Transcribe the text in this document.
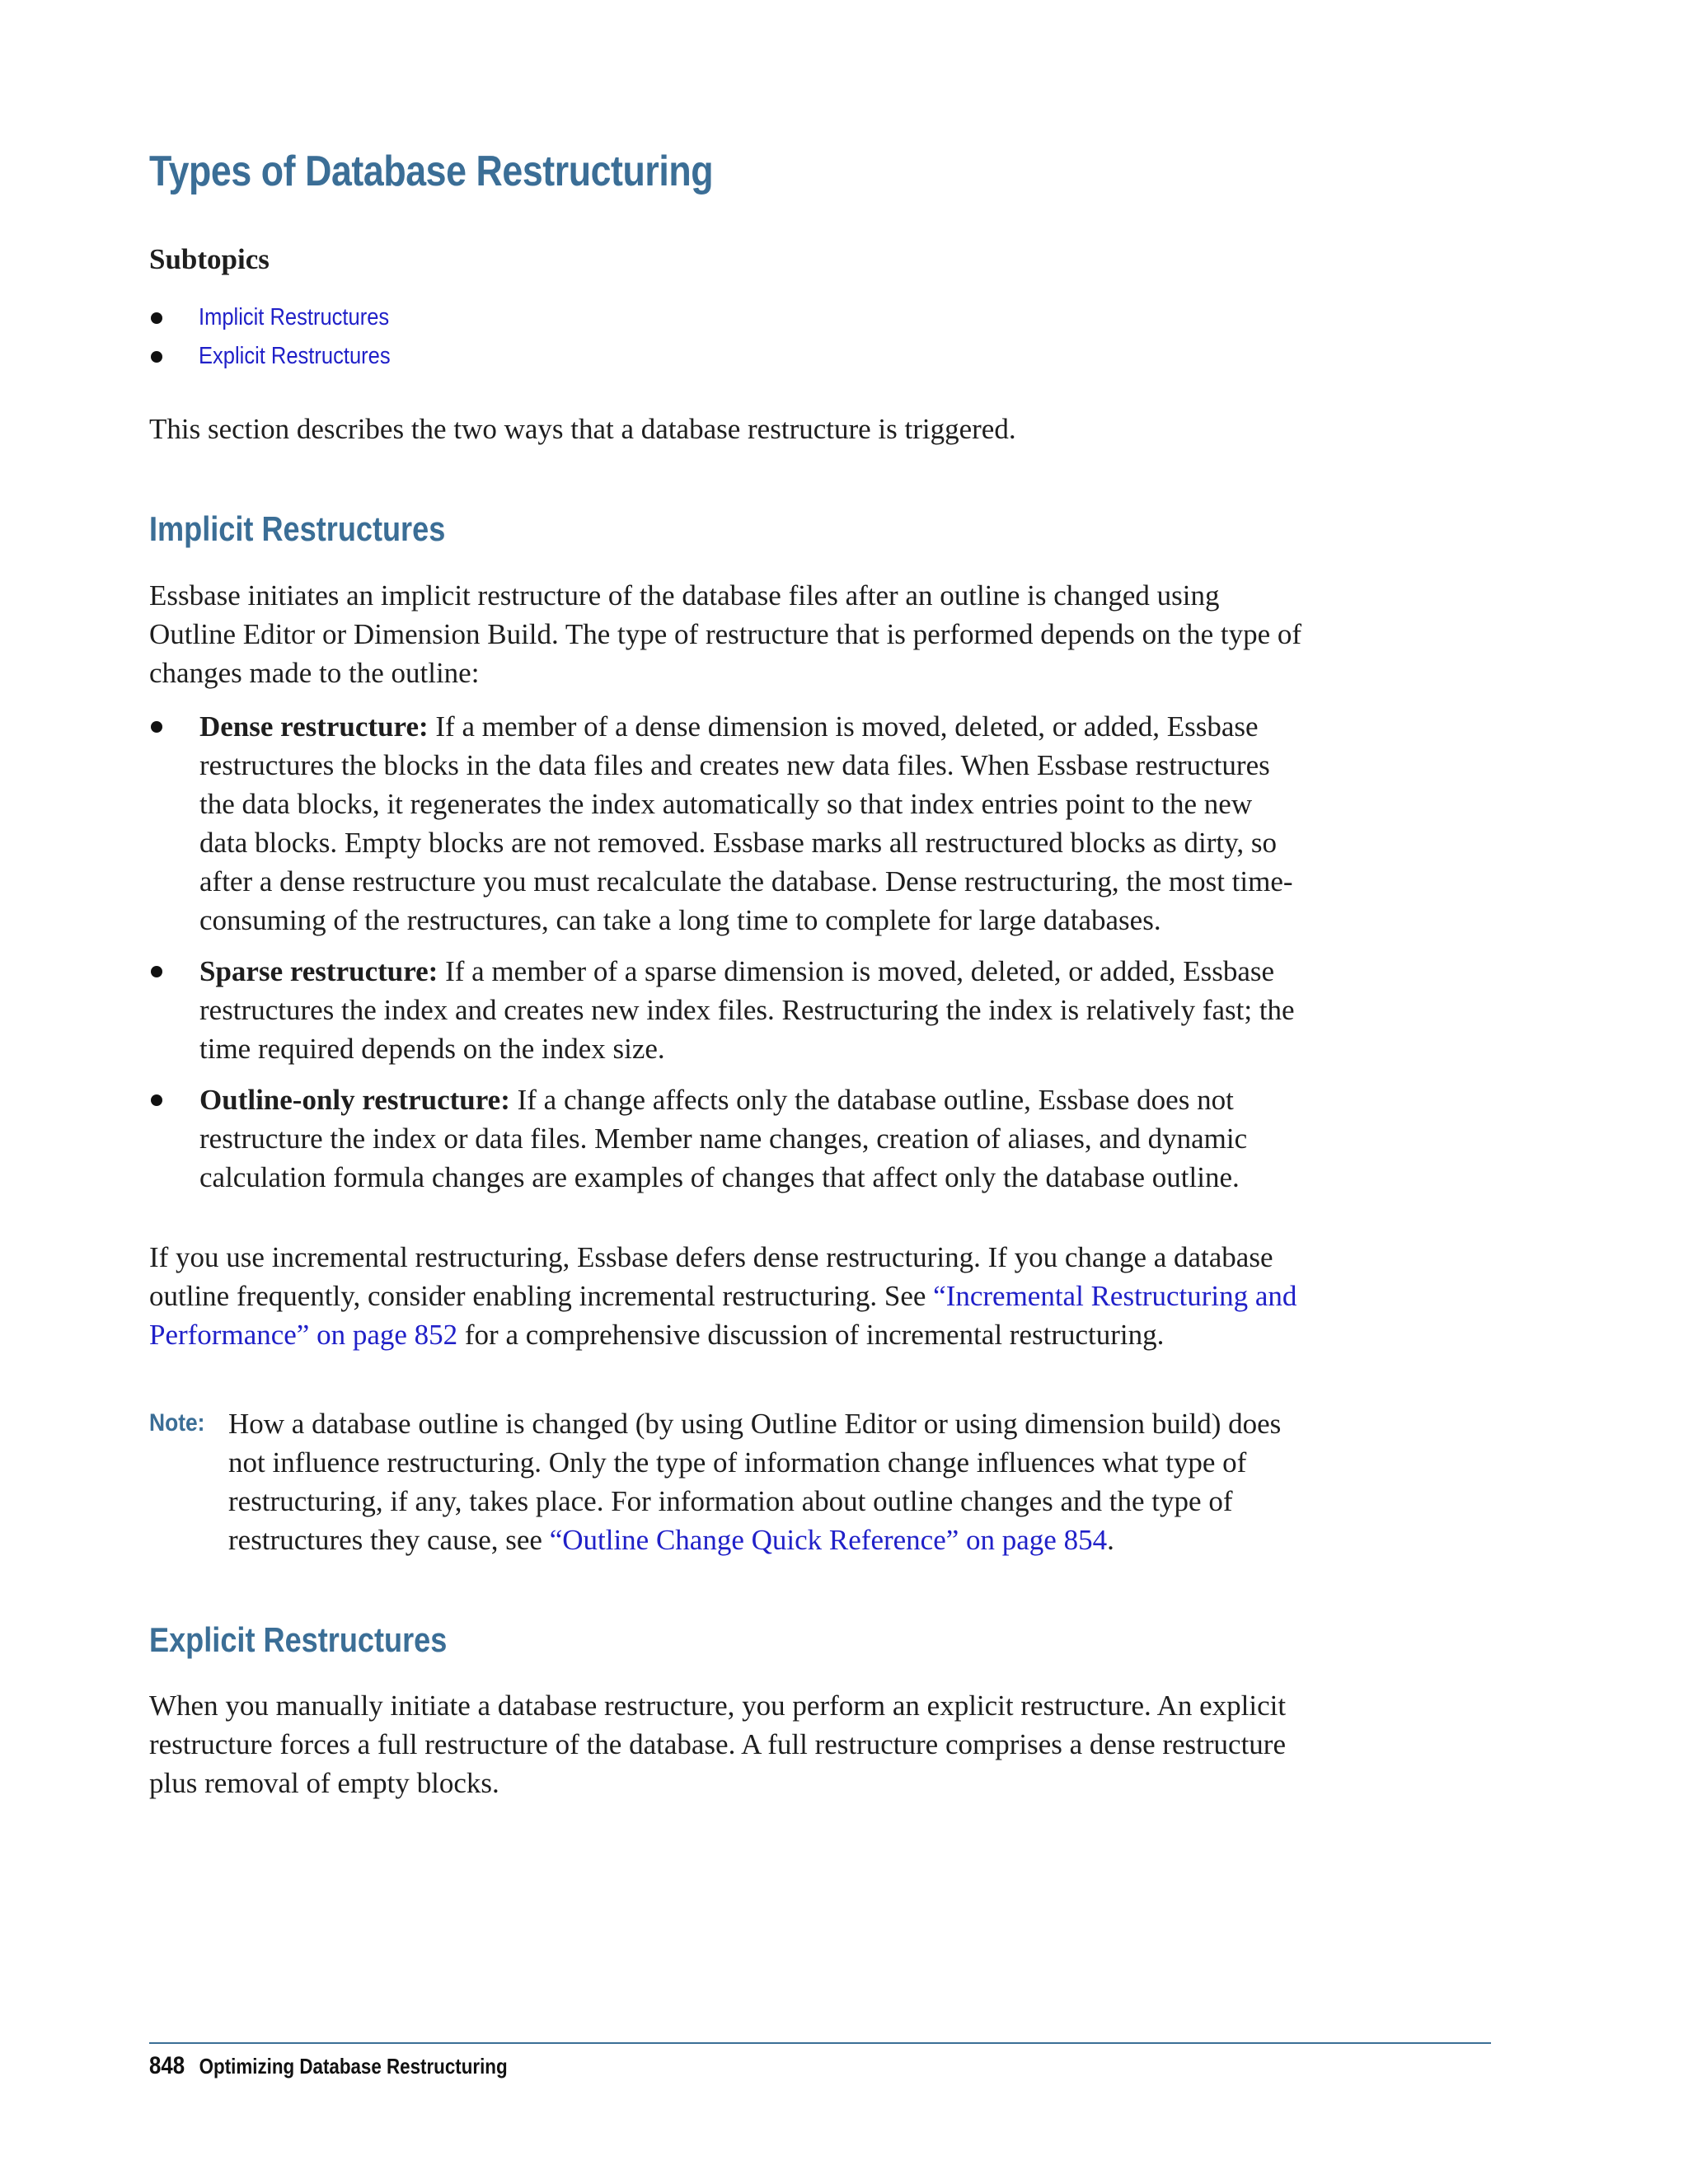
Types of Database Restructuring
Subtopics
Implicit Restructures
Explicit Restructures

This section describes the two ways that a database restructure is triggered.

Implicit Restructures

Essbase initiates an implicit restructure of the database files after an outline is changed using Outline Editor or Dimension Build. The type of restructure that is performed depends on the type of changes made to the outline:

Dense restructure: If a member of a dense dimension is moved, deleted, or added, Essbase restructures the blocks in the data files and creates new data files. When Essbase restructures the data blocks, it regenerates the index automatically so that index entries point to the new data blocks. Empty blocks are not removed. Essbase marks all restructured blocks as dirty, so after a dense restructure you must recalculate the database. Dense restructuring, the most time-consuming of the restructures, can take a long time to complete for large databases.
Sparse restructure: If a member of a sparse dimension is moved, deleted, or added, Essbase restructures the index and creates new index files. Restructuring the index is relatively fast; the time required depends on the index size.
Outline-only restructure: If a change affects only the database outline, Essbase does not restructure the index or data files. Member name changes, creation of aliases, and dynamic calculation formula changes are examples of changes that affect only the database outline.

If you use incremental restructuring, Essbase defers dense restructuring. If you change a database outline frequently, consider enabling incremental restructuring. See “Incremental Restructuring and Performance” on page 852 for a comprehensive discussion of incremental restructuring.

Note: How a database outline is changed (by using Outline Editor or using dimension build) does not influence restructuring. Only the type of information change influences what type of restructuring, if any, takes place. For information about outline changes and the type of restructures they cause, see “Outline Change Quick Reference” on page 854.

Explicit Restructures

When you manually initiate a database restructure, you perform an explicit restructure. An explicit restructure forces a full restructure of the database. A full restructure comprises a dense restructure plus removal of empty blocks.

848 Optimizing Database Restructuring
